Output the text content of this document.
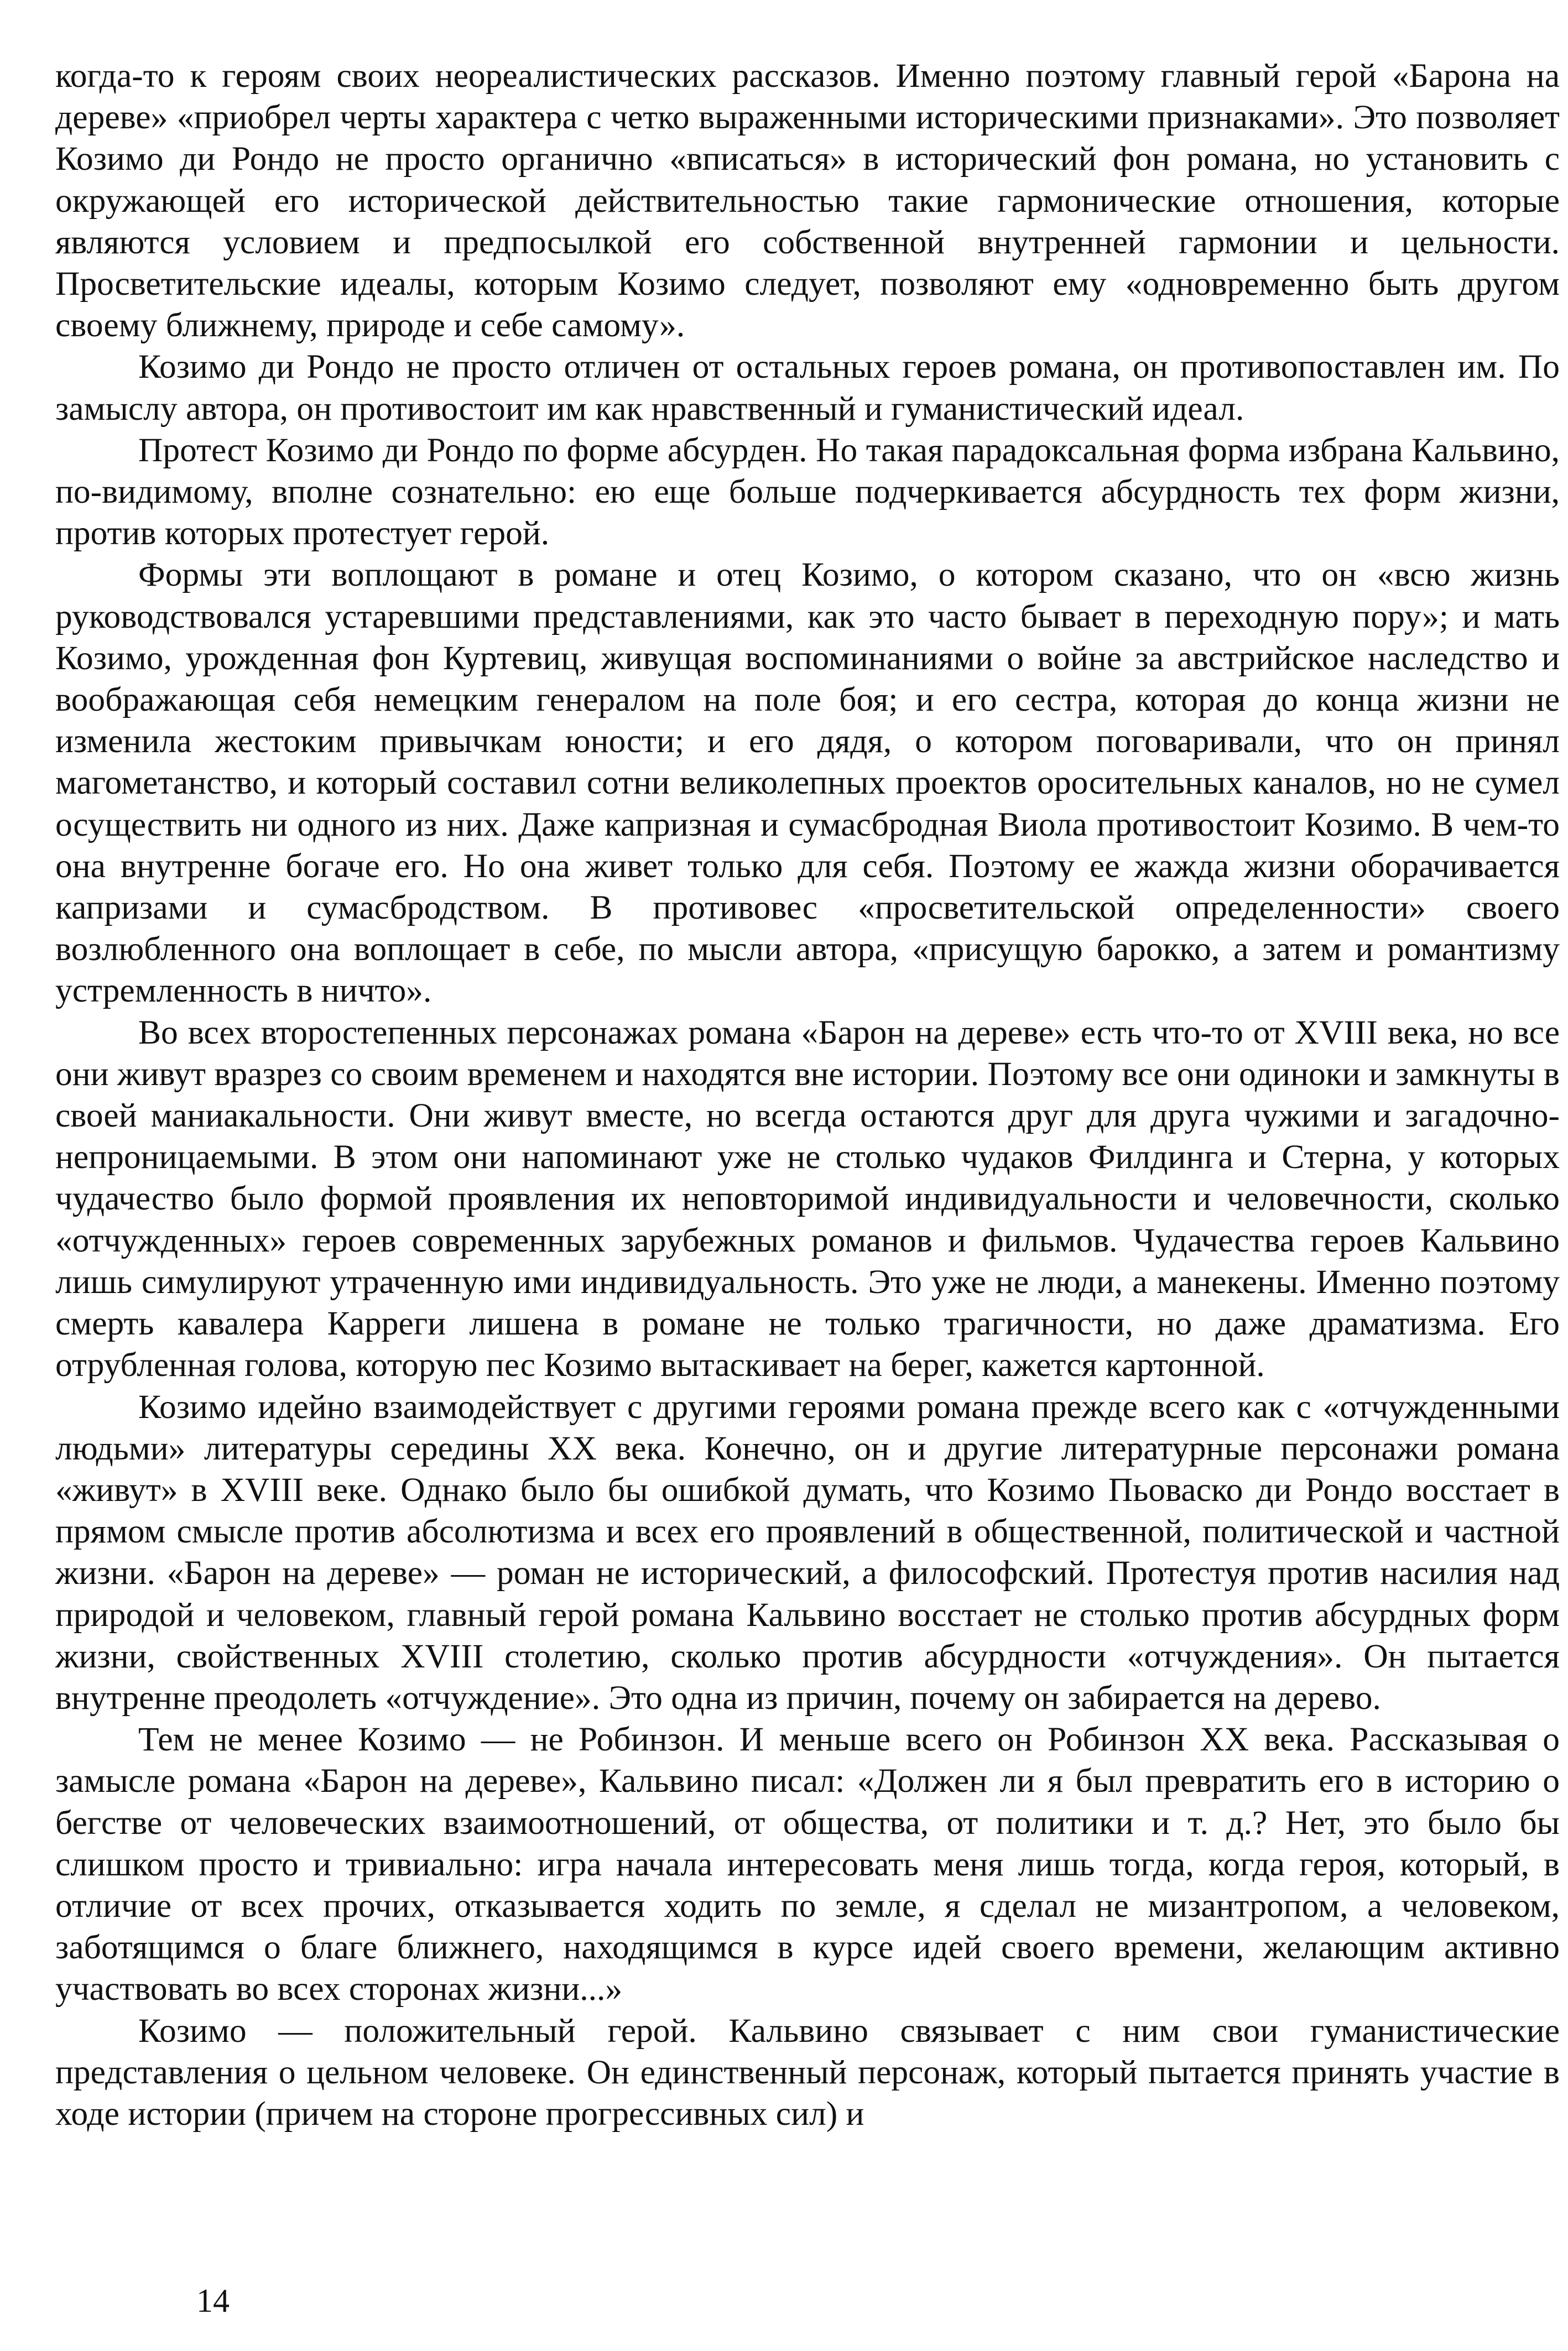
когда-то к героям своих неореалистических рассказов. Именно поэтому главный герой «Барона на дереве» «приобрел черты характера с четко выраженными историческими признаками». Это позволяет Козимо ди Рондо не просто органично «вписаться» в исторический фон романа, но установить с окружающей его исторической действительностью такие гармонические отношения, которые являются условием и предпосылкой его собственной внутренней гармонии и цельности. Просветительские идеалы, которым Козимо следует, позволяют ему «одновременно быть другом своему ближнему, природе и себе самому».

Козимо ди Рондо не просто отличен от остальных героев романа, он противопоставлен им. По замыслу автора, он противостоит им как нравственный и гуманистический идеал.

Протест Козимо ди Рондо по форме абсурден. Но такая парадоксальная форма избрана Кальвино, по-видимому, вполне сознательно: ею еще больше подчеркивается абсурдность тех форм жизни, против которых протестует герой.

Формы эти воплощают в романе и отец Козимо, о котором сказано, что он «всю жизнь руководствовался устаревшими представлениями, как это часто бывает в переходную пору»; и мать Козимо, урожденная фон Куртевиц, живущая воспоминаниями о войне за австрийское наследство и воображающая себя немецким генералом на поле боя; и его сестра, которая до конца жизни не изменила жестоким привычкам юности; и его дядя, о котором поговаривали, что он принял магометанство, и который составил сотни великолепных проектов оросительных каналов, но не сумел осуществить ни одного из них. Даже капризная и сумасбродная Виола противостоит Козимо. В чем-то она внутренне богаче его. Но она живет только для себя. Поэтому ее жажда жизни оборачивается капризами и сумасбродством. В противовес «просветительской определенности» своего возлюбленного она воплощает в себе, по мысли автора, «присущую барокко, а затем и романтизму устремленность в ничто».

Во всех второстепенных персонажах романа «Барон на дереве» есть что-то от XVIII века, но все они живут вразрез со своим временем и находятся вне истории. Поэтому все они одиноки и замкнуты в своей маниакальности. Они живут вместе, но всегда остаются друг для друга чужими и загадочно-непроницаемыми. В этом они напоминают уже не столько чудаков Филдинга и Стерна, у которых чудачество было формой проявления их неповторимой индивидуальности и человечности, сколько «отчужденных» героев современных зарубежных романов и фильмов. Чудачества героев Кальвино лишь симулируют утраченную ими индивидуальность. Это уже не люди, а манекены. Именно поэтому смерть кавалера Карреги лишена в романе не только трагичности, но даже драматизма. Его отрубленная голова, которую пес Козимо вытаскивает на берег, кажется картонной.

Козимо идейно взаимодействует с другими героями романа прежде всего как с «отчужденными людьми» литературы середины XX века. Конечно, он и другие литературные персонажи романа «живут» в XVIII веке. Однако было бы ошибкой думать, что Козимо Пьоваско ди Рондо восстает в прямом смысле против абсолютизма и всех его проявлений в общественной, политической и частной жизни. «Барон на дереве» — роман не исторический, а философский. Протестуя против насилия над природой и человеком, главный герой романа Кальвино восстает не столько против абсурдных форм жизни, свойственных XVIII столетию, сколько против абсурдности «отчуждения». Он пытается внутренне преодолеть «отчуждение». Это одна из причин, почему он забирается на дерево.

Тем не менее Козимо — не Робинзон. И меньше всего он Робинзон XX века. Рассказывая о замысле романа «Барон на дереве», Кальвино писал: «Должен ли я был превратить его в историю о бегстве от человеческих взаимоотношений, от общества, от политики и т. д.? Нет, это было бы слишком просто и тривиально: игра начала интересовать меня лишь тогда, когда героя, который, в отличие от всех прочих, отказывается ходить по земле, я сделал не мизантропом, а человеком, заботящимся о благе ближнего, находящимся в курсе идей своего времени, желающим активно участвовать во всех сторонах жизни...»

Козимо — положительный герой. Кальвино связывает с ним свои гуманистические представления о цельном человеке. Он единственный персонаж, который пытается принять участие в ходе истории (причем на стороне прогрессивных сил) и

14
